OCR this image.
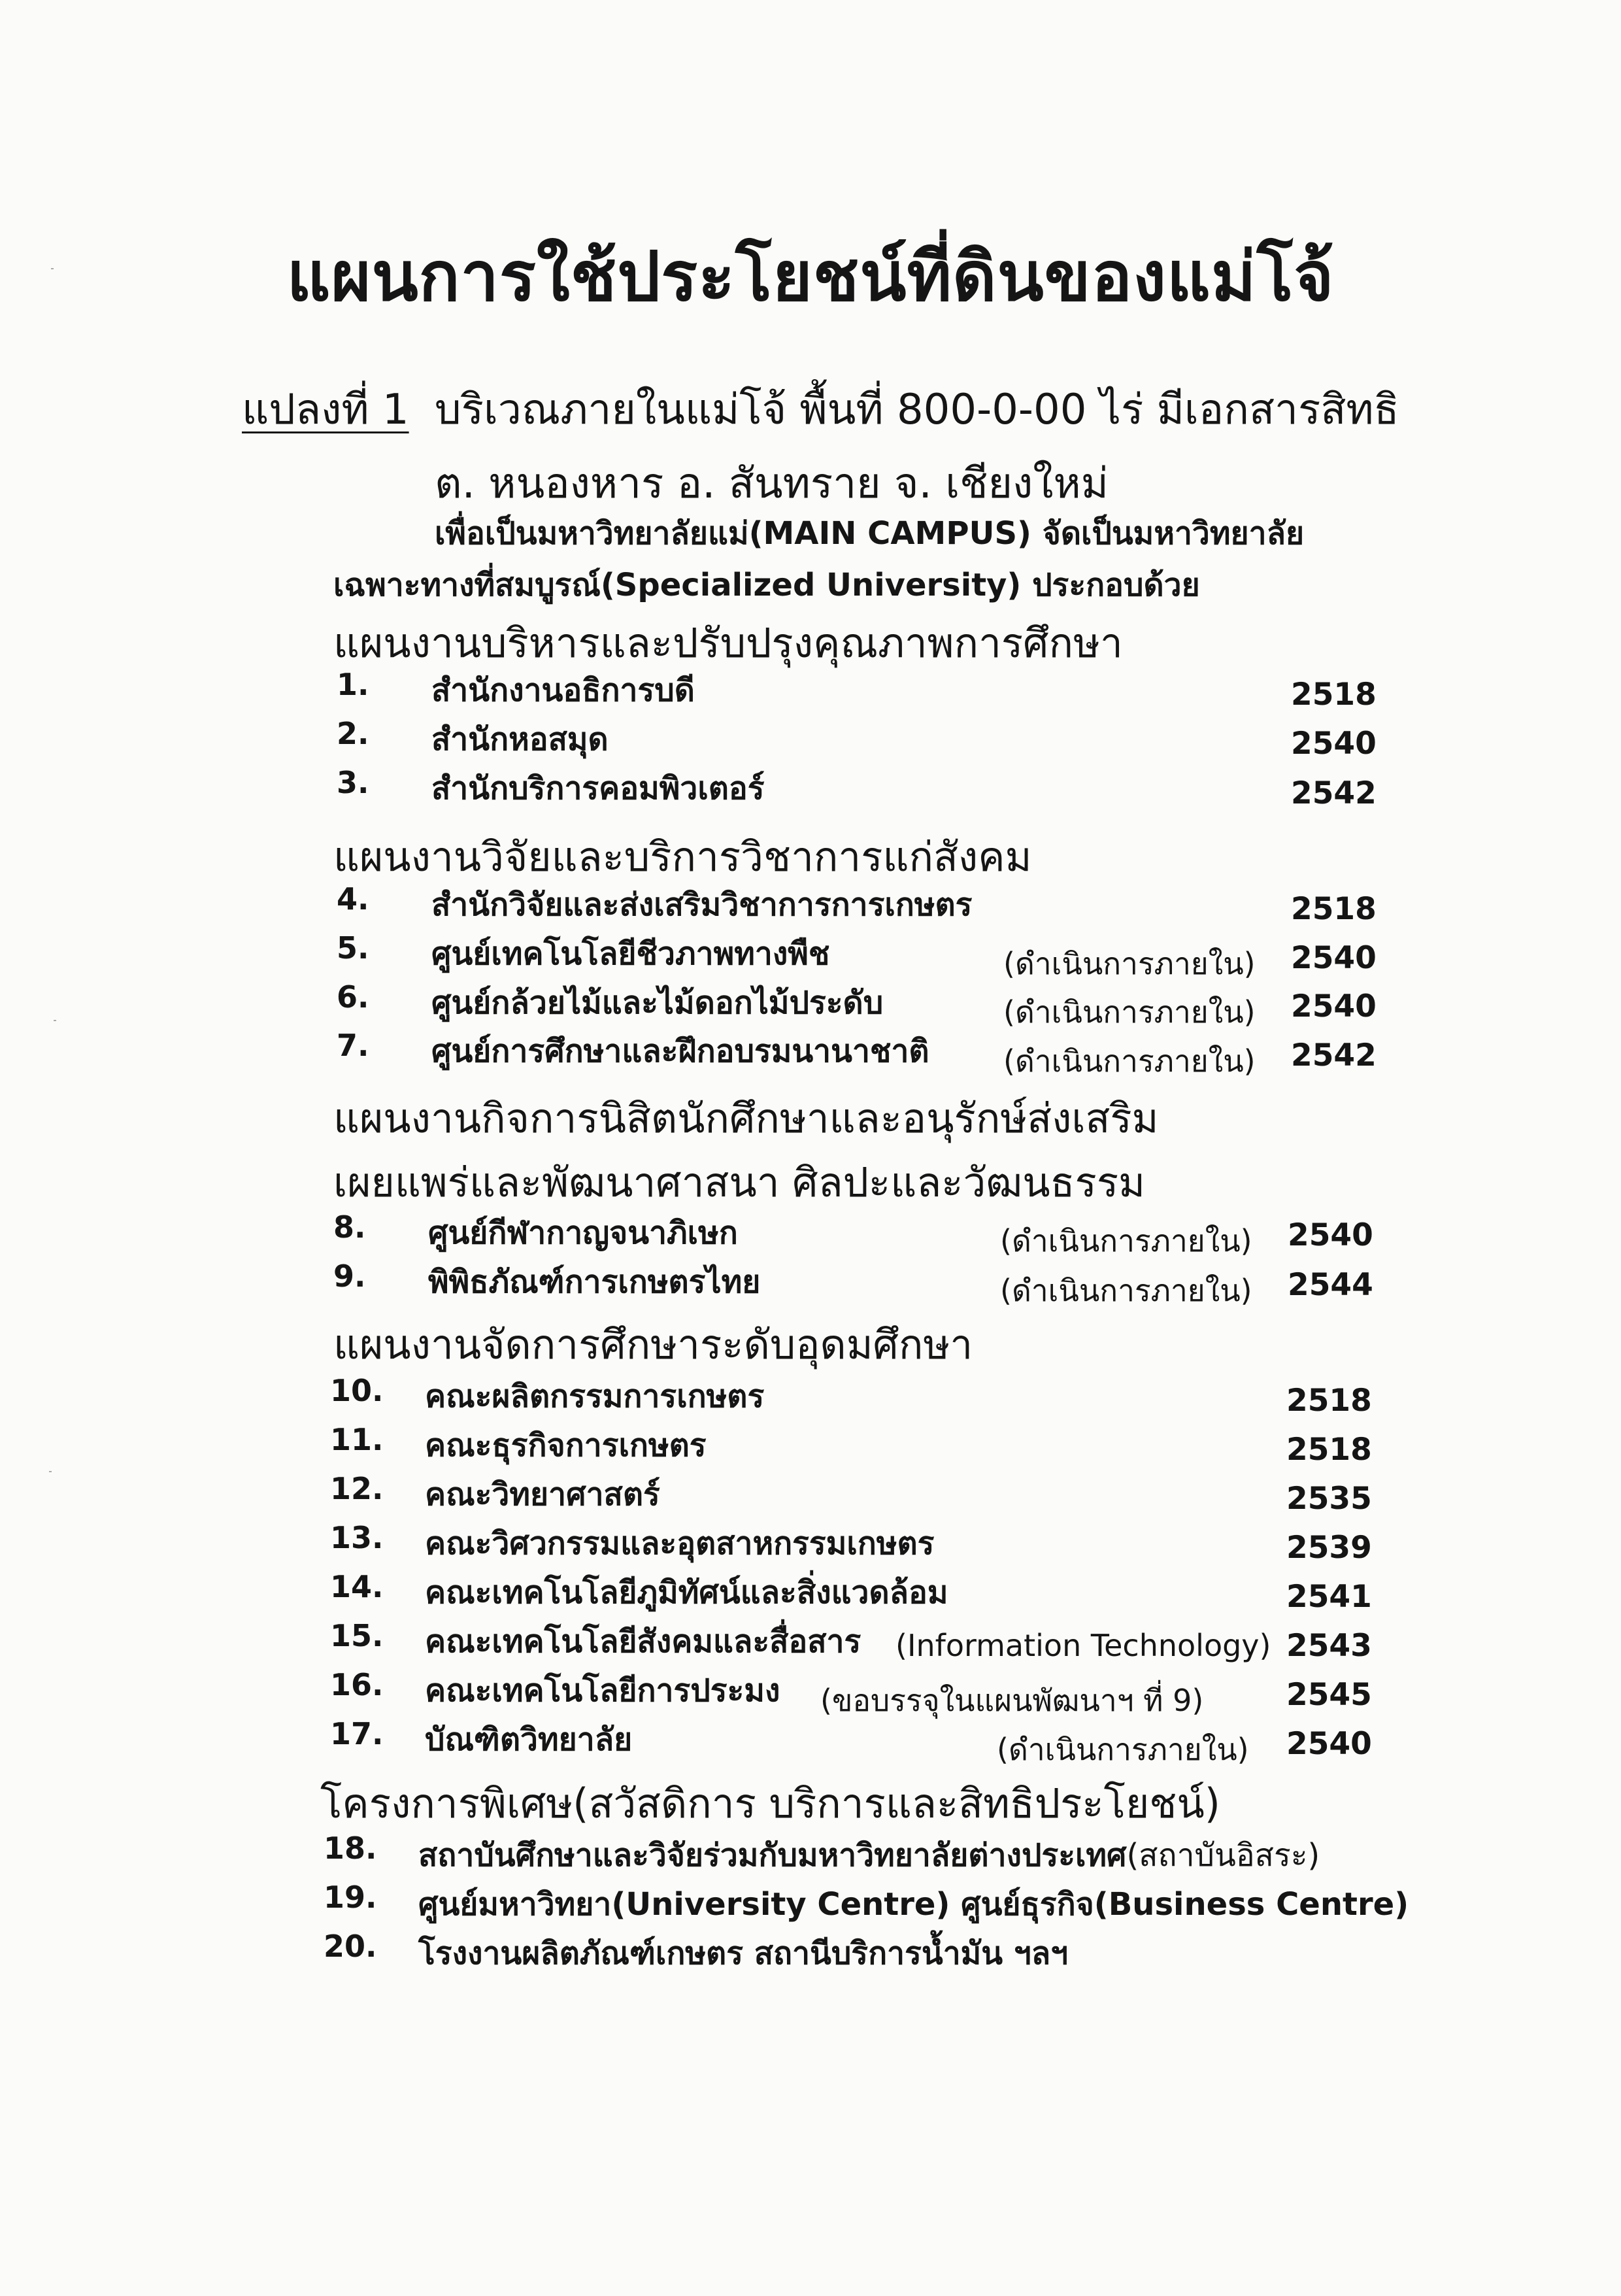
แผนการใช้ประโยชน์ที่ดินของแม่โจ้
แปลงที่ 1 บริเวณภายในแม่โจ้ พื้นที่ 800-0-00 ไร่ มีเอกสารสิทธิ
ต. หนองหาร อ. สันทราย จ. เชียงใหม่
เพื่อเป็นมหาวิทยาลัยแม่(MAIN CAMPUS) จัดเป็นมหาวิทยาลัย
เฉพาะทางที่สมบูรณ์(Specialized University) ประกอบด้วย
แผนงานบริหารและปรับปรุงคุณภาพการศึกษา
1. สำนักงานอธิการบดี	2518
2. สำนักหอสมุด	2540
3. สำนักบริการคอมพิวเตอร์	2542
แผนงานวิจัยและบริการวิชาการแก่สังคม
4. สำนักวิจัยและส่งเสริมวิชาการการเกษตร	2518
5. ศูนย์เทคโนโลยีชีวภาพทางพืช	(ดำเนินการภายใน) 2540
6. ศูนย์กล้วยไม้และไม้ดอกไม้ประดับ	(ดำเนินการภายใน) 2540
7. ศูนย์การศึกษาและฝึกอบรมนานาชาติ (ดำเนินการภายใน) 2542
แผนงานกิจการนิสิตนักศึกษาและอนุรักษ์ส่งเสริม
เผยแพร่และพัฒนาศาสนา ศิลปะและวัฒนธรรม
8. ศูนย์กีฬากาญจนาภิเษก	(ดำเนินการภายใน) 2540
9. พิพิธภัณฑ์การเกษตรไทย	(ดำเนินการภายใน) 2544
แผนงานจัดการศึกษาระดับอุดมศึกษา
10. คณะผลิตกรรมการเกษตร	2518
11. คณะธุรกิจการเกษตร	2518
12. คณะวิทยาศาสตร์	2535
13. คณะวิศวกรรมและอุตสาหกรรมเกษตร	2539
14. คณะเทคโนโลยีภูมิทัศน์และสิ่งแวดล้อม	2541
15. คณะเทคโนโลยีสังคมและสื่อสาร (Information Technology) 2543
16. คณะเทคโนโลยีการประมง (ขอบรรจุในแผนพัฒนาฯ ที่ 9)	2545
17. บัณฑิตวิทยาลัย	(ดำเนินการภายใน) 2540
โครงการพิเศษ(สวัสดิการ บริการและสิทธิประโยชน์)
18. สถาบันศึกษาและวิจัยร่วมกับมหาวิทยาลัยต่างประเทศ(สถาบันอิสระ)
19. ศูนย์มหาวิทยา(University Centre) ศูนย์ธุรกิจ(Business Centre)
20. โรงงานผลิตภัณฑ์เกษตร สถานีบริการน้ำมัน ฯลฯ
